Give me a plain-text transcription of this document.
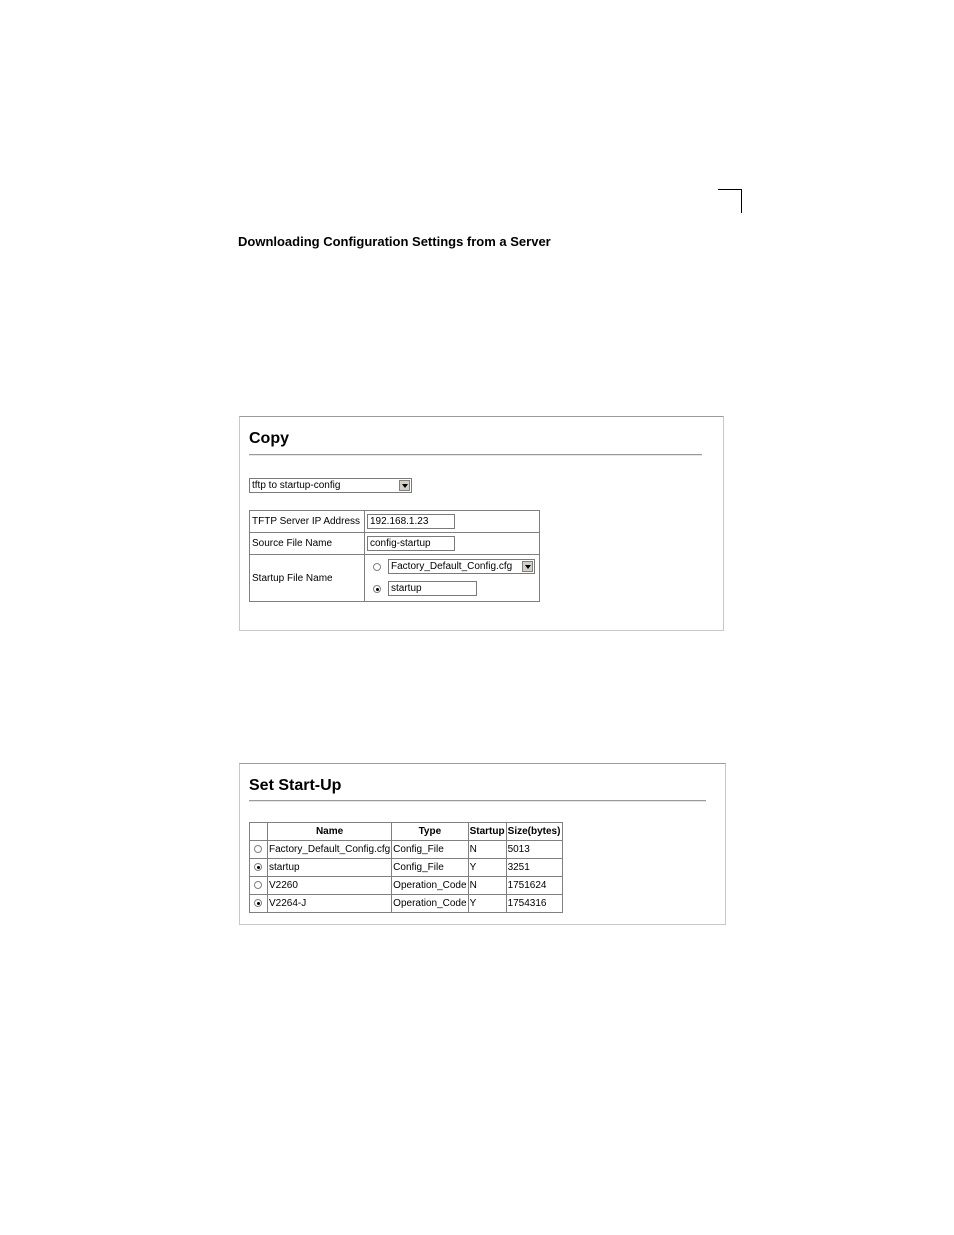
Downloading Configuration Settings from a Server
Copy
tftp to startup-config
TFTP Server IP Address	192.168.1.23

Source File Name	config-startup

Startup File Name	Factory_Default_Config.cfg
startup
Set Start-Up
	Name	Type	Startup	Size(bytes)

	Factory_Default_Config.cfg	Config_File	N	5013

	startup	Config_File	Y	3251

	V2260	Operation_Code	N	1751624

	V2264-J	Operation_Code	Y	1754316
